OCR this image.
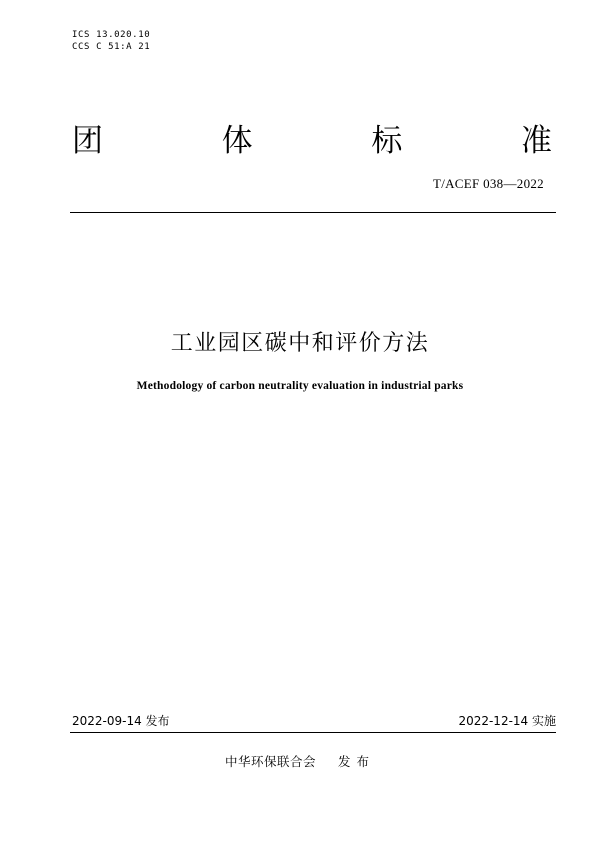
ICS 13.020.10
CCS C 51:A 21
团	体	标	准
T/ACEF 038—2022
工业园区碳中和评价方法
Methodology of carbon neutrality evaluation in industrial parks
2022-09-14 发布	2022-12-14 实施
中华环保联合会 发布
